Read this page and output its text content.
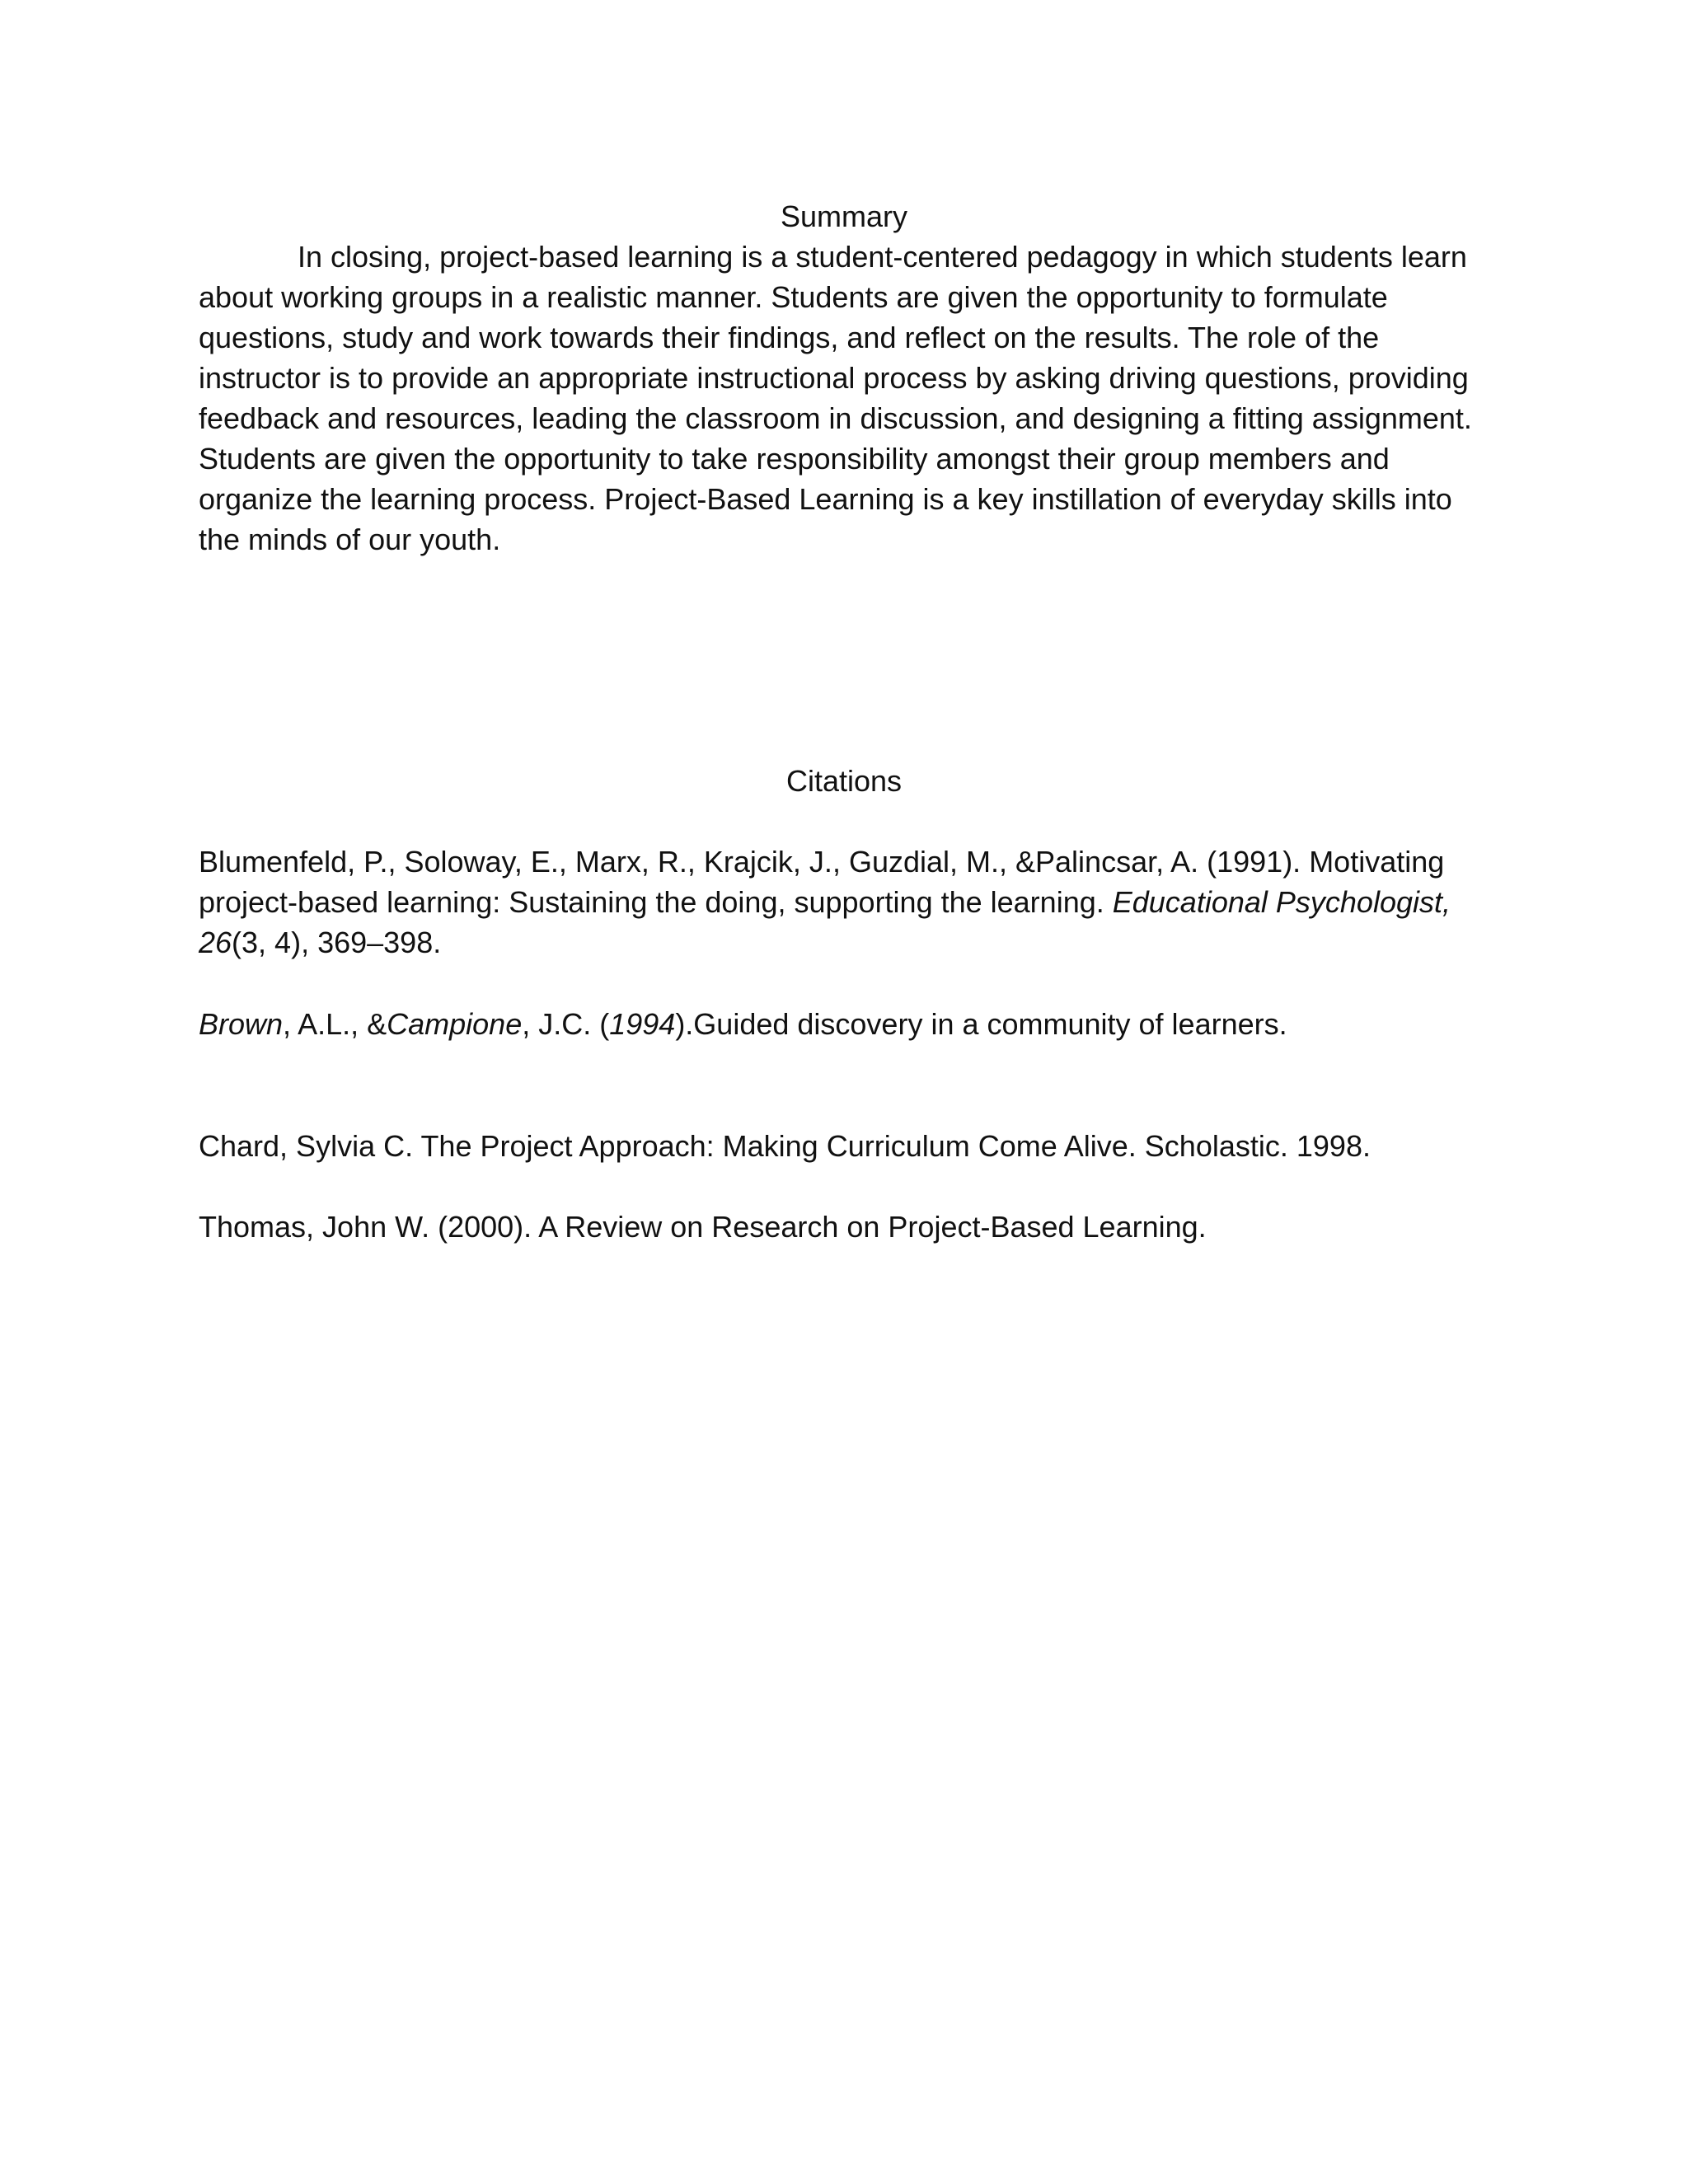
Summary

In closing, project-based learning is a student-centered pedagogy in which students learn about working groups in a realistic manner. Students are given the opportunity to formulate questions, study and work towards their findings, and reflect on the results. The role of the instructor is to provide an appropriate instructional process by asking driving questions, providing feedback and resources, leading the classroom in discussion, and designing a fitting assignment. Students are given the opportunity to take responsibility amongst their group members and organize the learning process. Project-Based Learning is a key instillation of everyday skills into the minds of our youth.

Citations

Blumenfeld, P., Soloway, E., Marx, R., Krajcik, J., Guzdial, M., &Palincsar, A. (1991). Motivating project-based learning: Sustaining the doing, supporting the learning. Educational Psychologist, 26(3, 4), 369–398.

Brown, A.L., &Campione, J.C. (1994).Guided discovery in a community of learners.

Chard, Sylvia C. The Project Approach: Making Curriculum Come Alive. Scholastic. 1998.

Thomas, John W. (2000). A Review on Research on Project-Based Learning.
